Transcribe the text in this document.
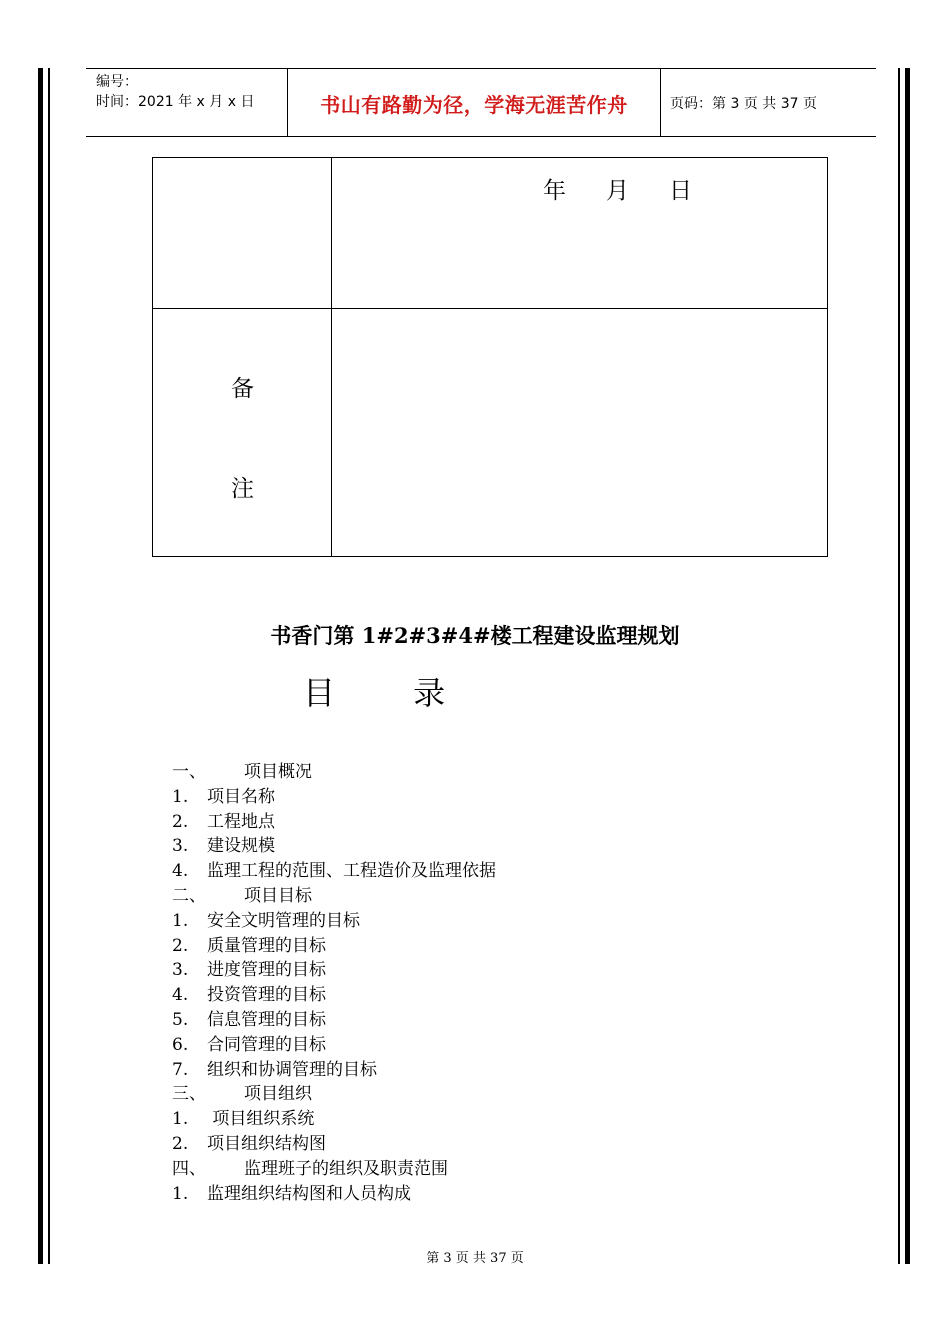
编号：
时间：2021 年 x 月 x 日	书山有路勤为径，学海无涯苦作舟	页码：第 3 页 共 37 页
年 月 日
备
注
书香门第 1#2#3#4#楼工程建设监理规划
目 录
一、 项目概况
1. 项目名称
2. 工程地点
3. 建设规模
4. 监理工程的范围、工程造价及监理依据
二、 项目目标
1. 安全文明管理的目标
2. 质量管理的目标
3. 进度管理的目标
4. 投资管理的目标
5. 信息管理的目标
6. 合同管理的目标
7. 组织和协调管理的目标
三、 项目组织
1. 项目组织系统
2. 项目组织结构图
四、 监理班子的组织及职责范围
1. 监理组织结构图和人员构成
第 3 页 共 37 页
